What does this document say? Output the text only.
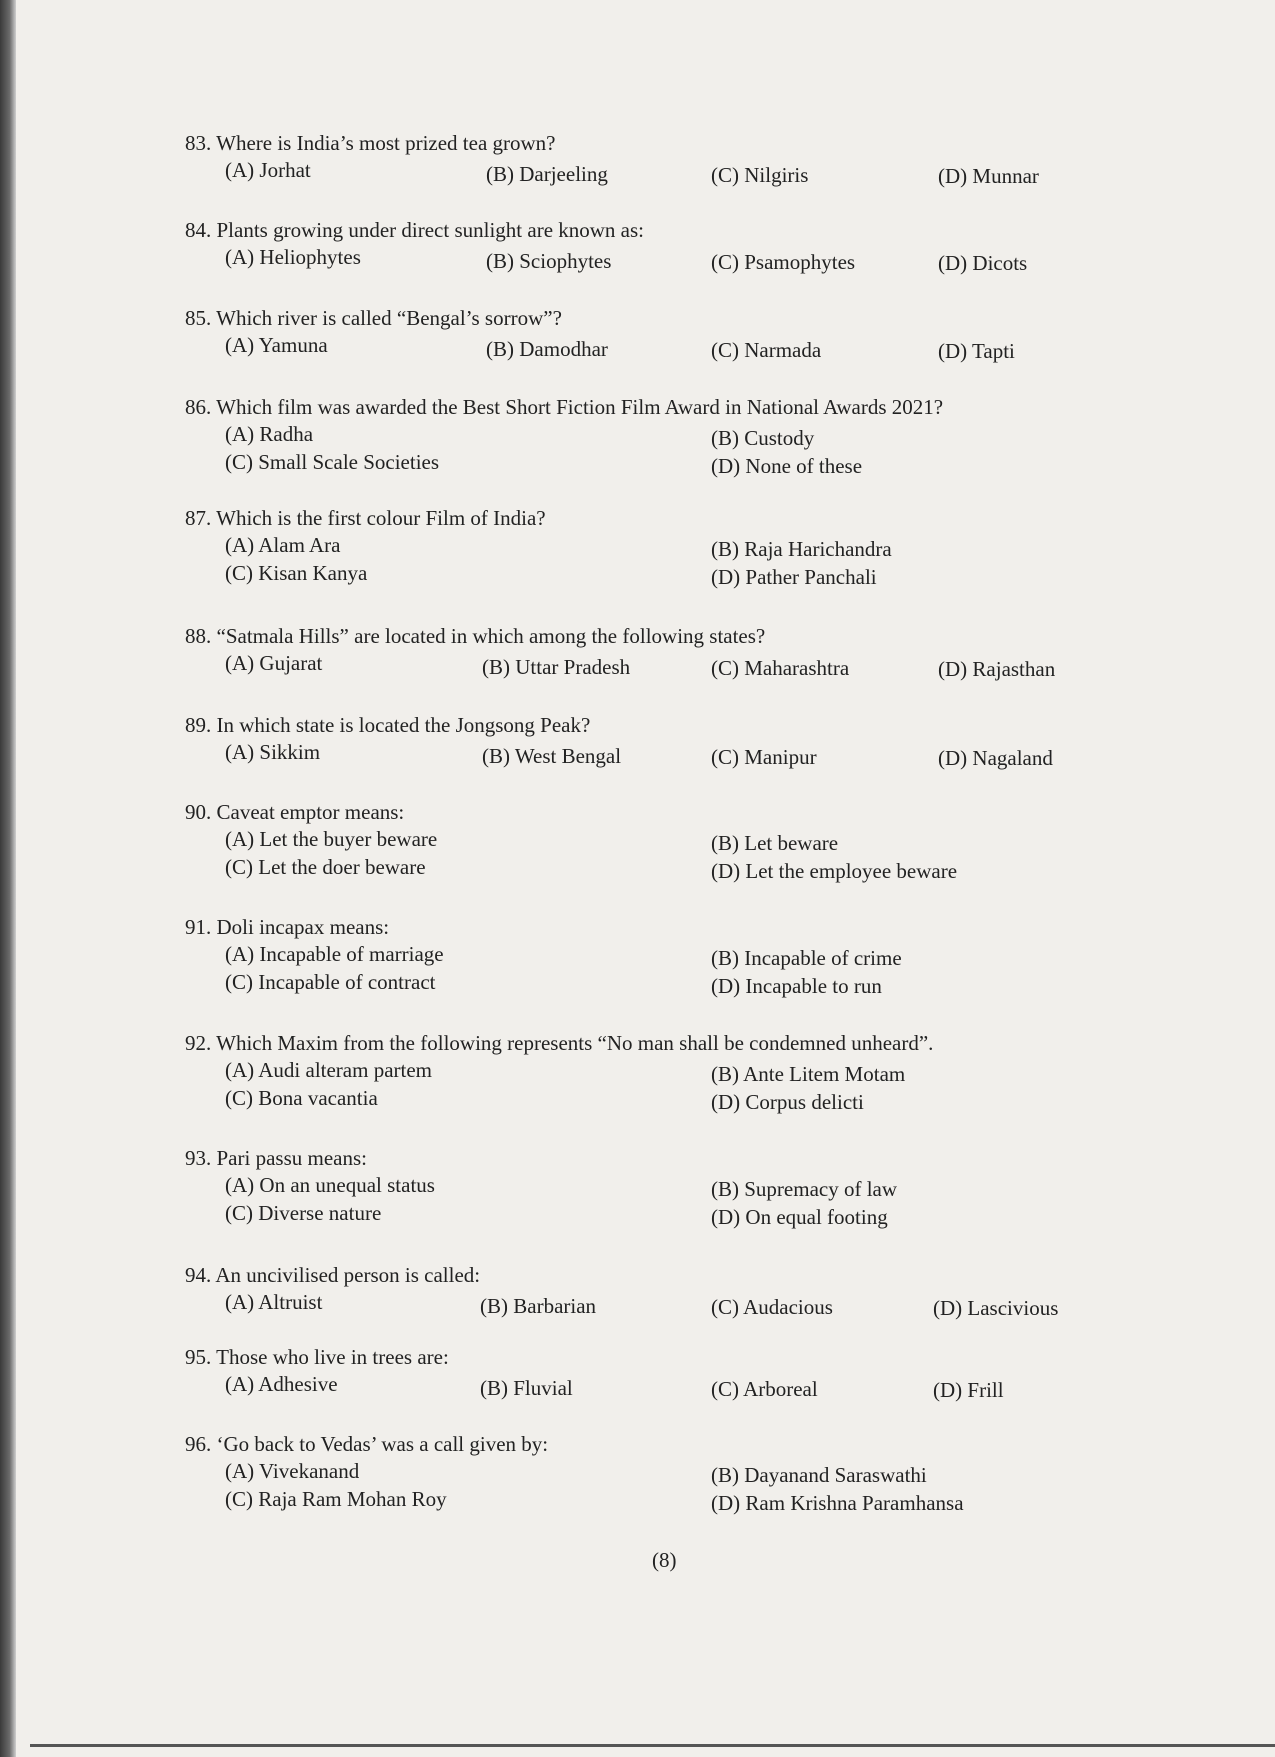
83. Where is India’s most prized tea grown?
(A) Jorhat	(B) Darjeeling	(C) Nilgiris	(D) Munnar
84. Plants growing under direct sunlight are known as:
(A) Heliophytes	(B) Sciophytes	(C) Psamophytes	(D) Dicots
85. Which river is called “Bengal’s sorrow”?
(A) Yamuna	(B) Damodhar	(C) Narmada	(D) Tapti
86. Which film was awarded the Best Short Fiction Film Award in National Awards 2021?
(A) Radha	(B) Custody
(C) Small Scale Societies	(D) None of these
87. Which is the first colour Film of India?
(A) Alam Ara	(B) Raja Harichandra
(C) Kisan Kanya	(D) Pather Panchali
88. “Satmala Hills” are located in which among the following states?
(A) Gujarat	(B) Uttar Pradesh	(C) Maharashtra	(D) Rajasthan
89. In which state is located the Jongsong Peak?
(A) Sikkim	(B) West Bengal	(C) Manipur	(D) Nagaland
90. Caveat emptor means:
(A) Let the buyer beware	(B) Let beware
(C) Let the doer beware	(D) Let the employee beware
91. Doli incapax means:
(A) Incapable of marriage	(B) Incapable of crime
(C) Incapable of contract	(D) Incapable to run
92. Which Maxim from the following represents “No man shall be condemned unheard”.
(A) Audi alteram partem	(B) Ante Litem Motam
(C) Bona vacantia	(D) Corpus delicti
93. Pari passu means:
(A) On an unequal status	(B) Supremacy of law
(C) Diverse nature	(D) On equal footing
94. An uncivilised person is called:
(A) Altruist	(B) Barbarian	(C) Audacious	(D) Lascivious
95. Those who live in trees are:
(A) Adhesive	(B) Fluvial	(C) Arboreal	(D) Frill
96. ‘Go back to Vedas’ was a call given by:
(A) Vivekanand	(B) Dayanand Saraswathi
(C) Raja Ram Mohan Roy	(D) Ram Krishna Paramhansa
(8)
